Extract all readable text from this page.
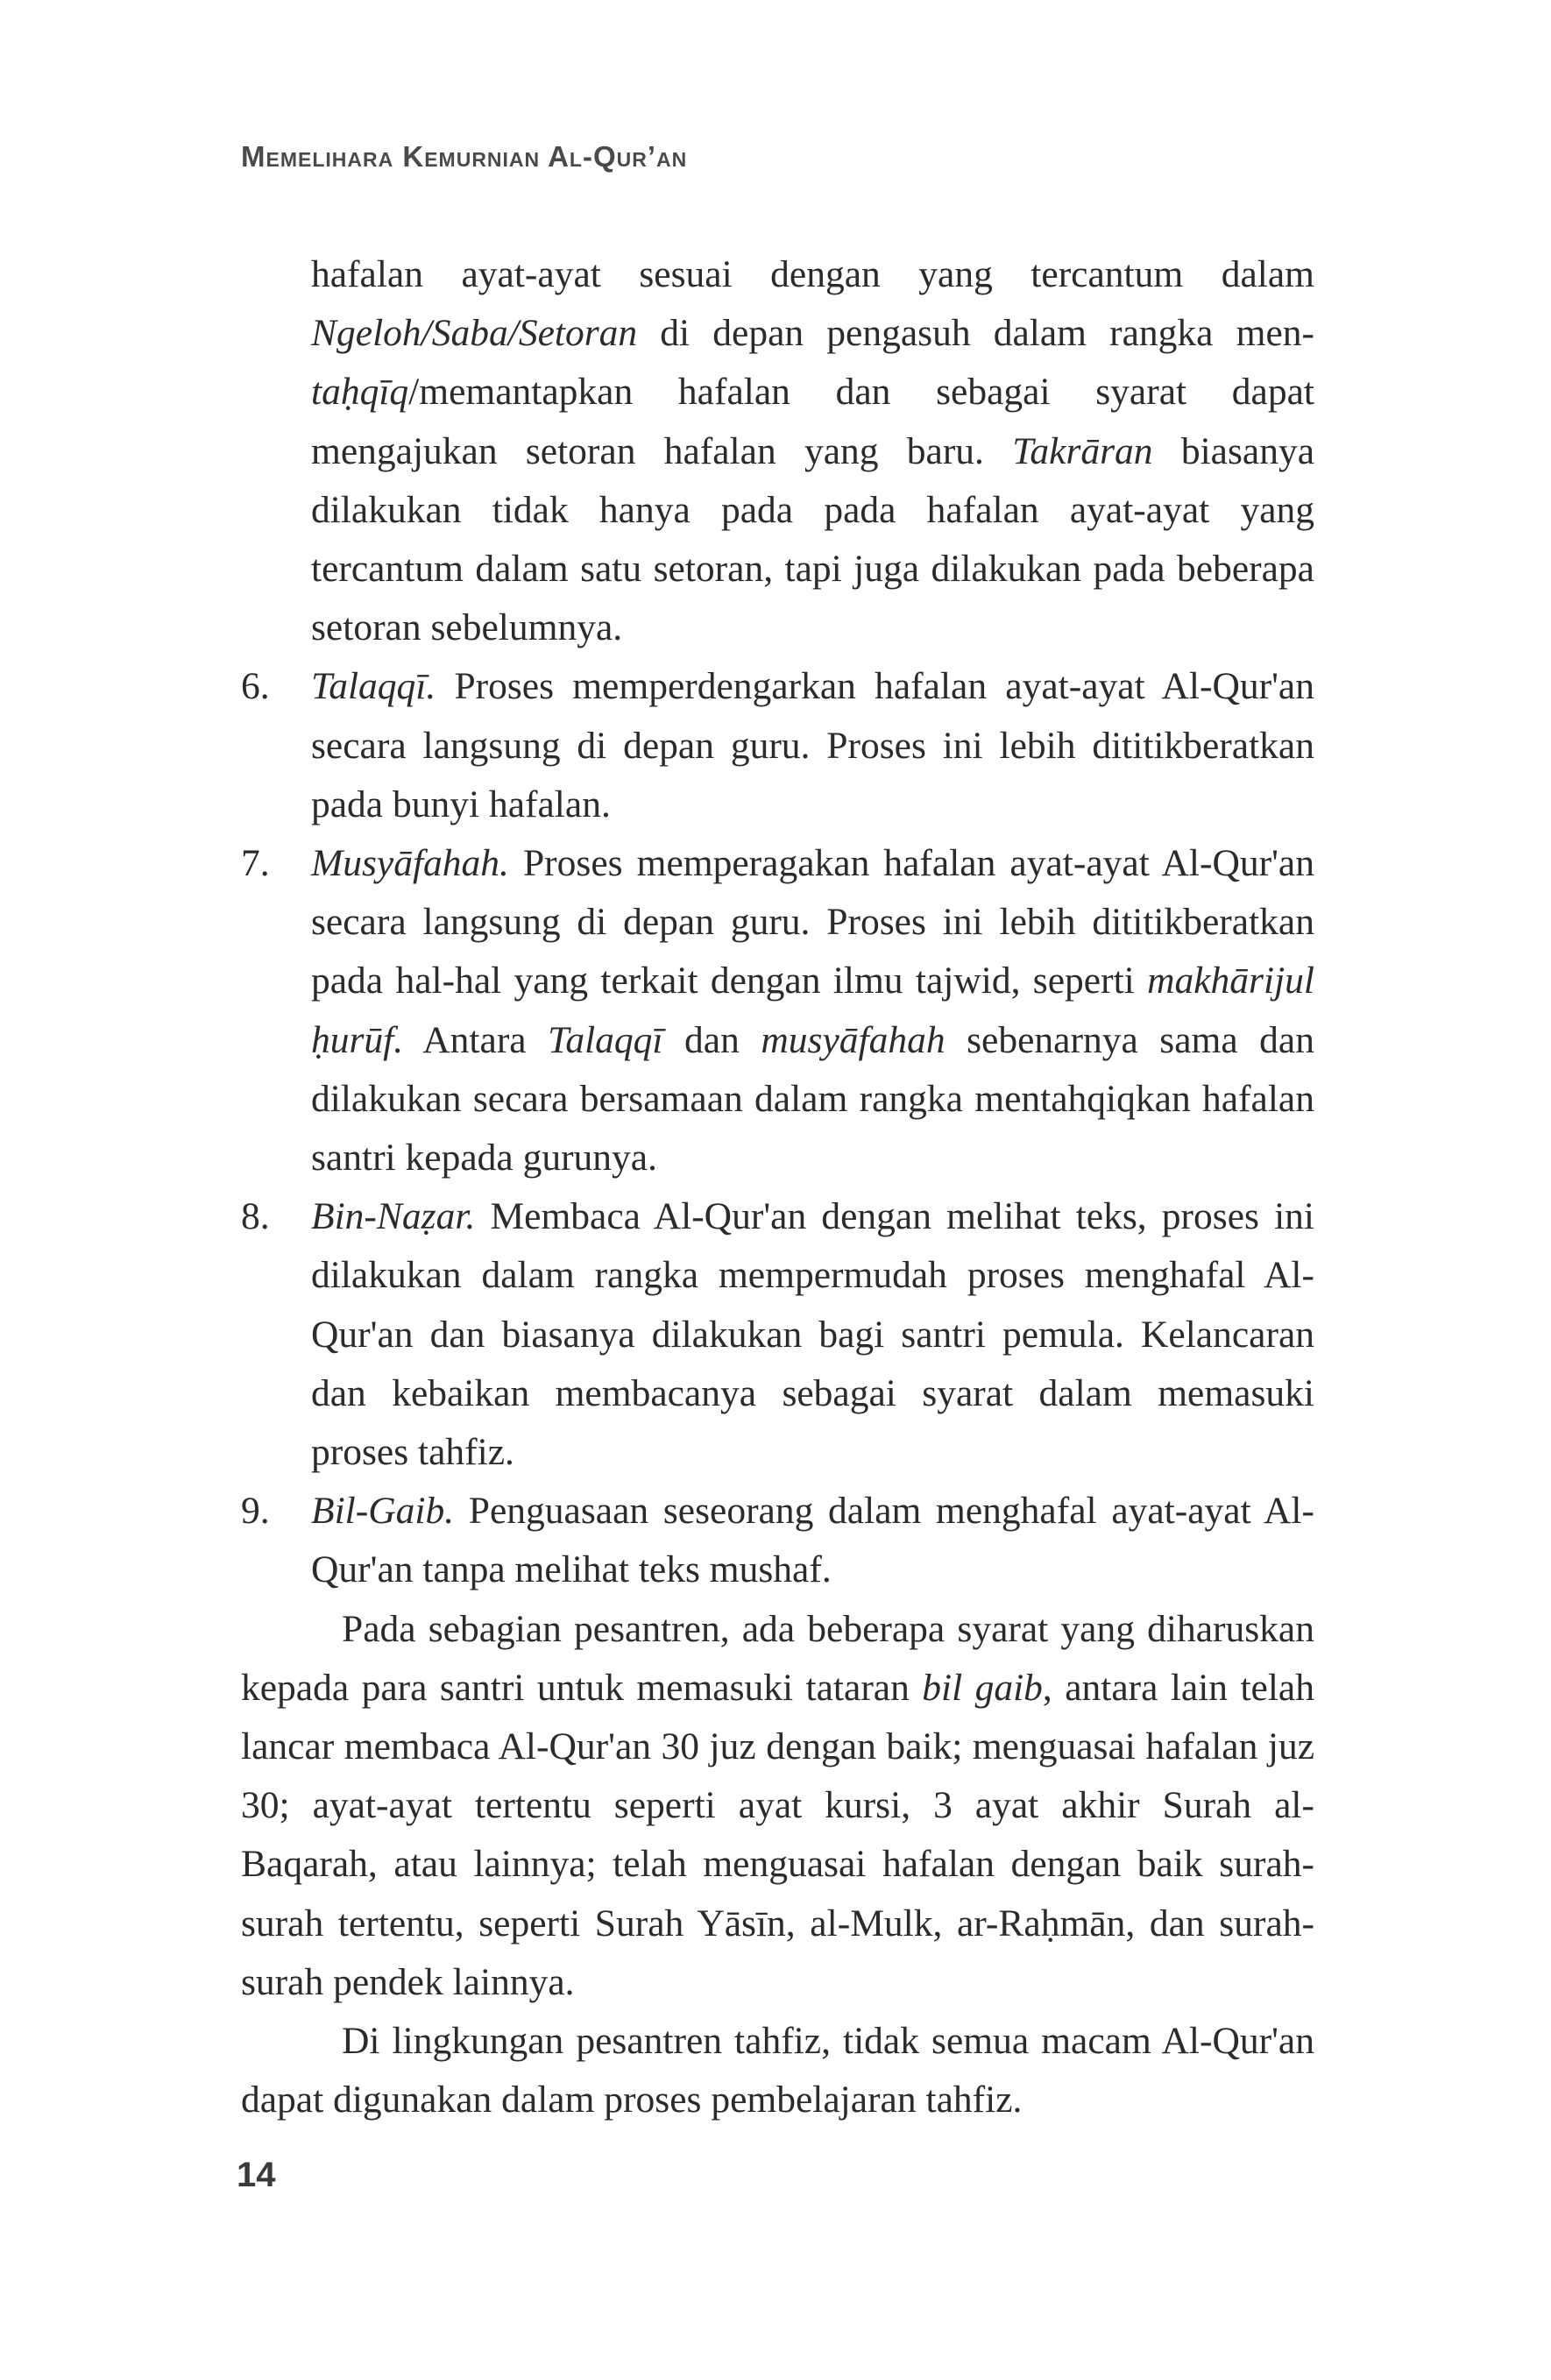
Memelihara Kemurnian Al-Qur’an

hafalan ayat-ayat sesuai dengan yang tercantum dalam Ngeloh/Saba/Setoran di depan pengasuh dalam rangka men-taḥqīq/memantapkan hafalan dan sebagai syarat dapat mengajukan setoran hafalan yang baru. Takrāran biasanya dilakukan tidak hanya pada pada hafalan ayat-ayat yang tercantum dalam satu setoran, tapi juga dilakukan pada beberapa setoran sebelumnya.

6. Talaqqī. Proses memperdengarkan hafalan ayat-ayat Al-Qur'an secara langsung di depan guru. Proses ini lebih dititikberatkan pada bunyi hafalan.

7. Musyāfahah. Proses memperagakan hafalan ayat-ayat Al-Qur'an secara langsung di depan guru. Proses ini lebih dititikberatkan pada hal-hal yang terkait dengan ilmu tajwid, seperti makhārijul ḥurūf. Antara Talaqqī dan musyāfahah sebenarnya sama dan dilakukan secara bersamaan dalam rangka mentahqiqkan hafalan santri kepada gurunya.

8. Bin-Naẓar. Membaca Al-Qur'an dengan melihat teks, proses ini dilakukan dalam rangka mempermudah proses menghafal Al-Qur'an dan biasanya dilakukan bagi santri pemula. Kelancaran dan kebaikan membacanya sebagai syarat dalam memasuki proses tahfiz.

9. Bil-Gaib. Penguasaan seseorang dalam menghafal ayat-ayat Al-Qur'an tanpa melihat teks mushaf.

Pada sebagian pesantren, ada beberapa syarat yang diharuskan kepada para santri untuk memasuki tataran bil gaib, antara lain telah lancar membaca Al-Qur'an 30 juz dengan baik; menguasai hafalan juz 30; ayat-ayat tertentu seperti ayat kursi, 3 ayat akhir Surah al-Baqarah, atau lainnya; telah menguasai hafalan dengan baik surah-surah tertentu, seperti Surah Yāsīn, al-Mulk, ar-Raḥmān, dan surah-surah pendek lainnya.

Di lingkungan pesantren tahfiz, tidak semua macam Al-Qur'an dapat digunakan dalam proses pembelajaran tahfiz.

14
